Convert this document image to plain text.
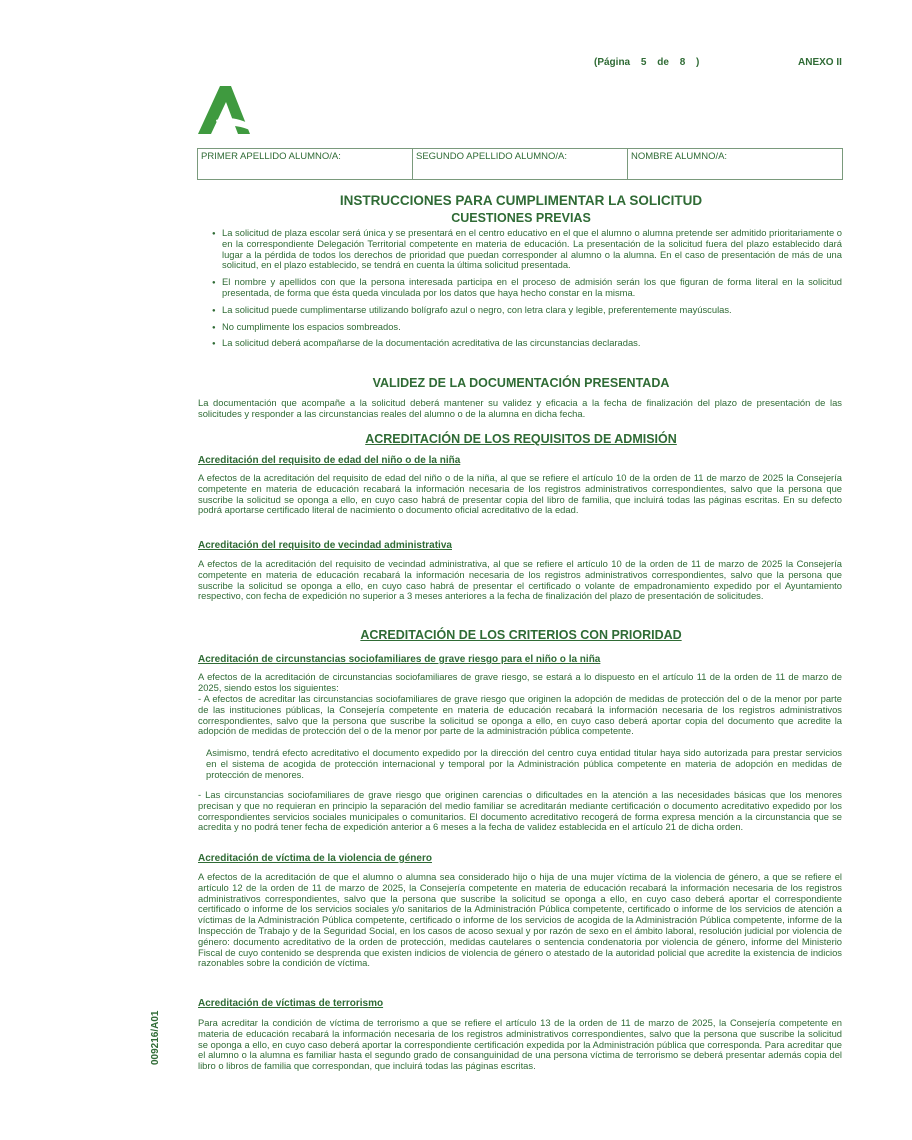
(Página 5 de 8 )	ANEXO II
PRIMER APELLIDO ALUMNO/A:	SEGUNDO APELLIDO ALUMNO/A:	NOMBRE ALUMNO/A:
INSTRUCCIONES PARA CUMPLIMENTAR LA SOLICITUD
CUESTIONES PREVIAS
● La solicitud de plaza escolar será única y se presentará en el centro educativo en el que el alumno o alumna pretende ser admitido prioritariamente o en la correspondiente Delegación Territorial competente en materia de educación. La presentación de la solicitud fuera del plazo establecido dará lugar a la pérdida de todos los derechos de prioridad que puedan corresponder al alumno o la alumna. En el caso de presentación de más de una solicitud, en el plazo establecido, se tendrá en cuenta la última solicitud presentada.
● El nombre y apellidos con que la persona interesada participa en el proceso de admisión serán los que figuran de forma literal en la solicitud presentada, de forma que ésta queda vinculada por los datos que haya hecho constar en la misma.
● La solicitud puede cumplimentarse utilizando bolígrafo azul o negro, con letra clara y legible, preferentemente mayúsculas.
● No cumplimente los espacios sombreados.
● La solicitud deberá acompañarse de la documentación acreditativa de las circunstancias declaradas.
VALIDEZ DE LA DOCUMENTACIÓN PRESENTADA

La documentación que acompañe a la solicitud deberá mantener su validez y eficacia a la fecha de finalización del plazo de presentación de las solicitudes y responder a las circunstancias reales del alumno o de la alumna en dicha fecha.

ACREDITACIÓN DE LOS REQUISITOS DE ADMISIÓN
Acreditación del requisito de edad del niño o de la niña

A efectos de la acreditación del requisito de edad del niño o de la niña, al que se refiere el artículo 10 de la orden de 11 de marzo de 2025 la Consejería competente en materia de educación recabará la información necesaria de los registros administrativos correspondientes, salvo que la persona que suscribe la solicitud se oponga a ello, en cuyo caso habrá de presentar copia del libro de familia, que incluirá todas las páginas escritas. En su defecto podrá aportarse certificado literal de nacimiento o documento oficial acreditativo de la edad.

Acreditación del requisito de vecindad administrativa

A efectos de la acreditación del requisito de vecindad administrativa, al que se refiere el artículo 10 de la orden de 11 de marzo de 2025 la Consejería competente en materia de educación recabará la información necesaria de los registros administrativos correspondientes, salvo que la persona que suscribe la solicitud se oponga a ello, en cuyo caso habrá de presentar el certificado o volante de empadronamiento expedido por el Ayuntamiento respectivo, con fecha de expedición no superior a 3 meses anteriores a la fecha de finalización del plazo de presentación de solicitudes.

ACREDITACIÓN DE LOS CRITERIOS CON PRIORIDAD
Acreditación de circunstancias sociofamiliares de grave riesgo para el niño o la niña

A efectos de la acreditación de circunstancias sociofamiliares de grave riesgo, se estará a lo dispuesto en el artículo 11 de la orden de 11 de marzo de 2025, siendo estos los siguientes:

- A efectos de acreditar las circunstancias sociofamiliares de grave riesgo que originen la adopción de medidas de protección del o de la menor por parte de las instituciones públicas, la Consejería competente en materia de educación recabará la información necesaria de los registros administrativos correspondientes, salvo que la persona que suscribe la solicitud se oponga a ello, en cuyo caso deberá aportar copia del documento que acredite la adopción de medidas de protección del o de la menor por parte de la administración pública competente.

Asimismo, tendrá efecto acreditativo el documento expedido por la dirección del centro cuya entidad titular haya sido autorizada para prestar servicios en el sistema de acogida de protección internacional y temporal por la Administración pública competente en materia de adopción en medidas de protección de menores.

- Las circunstancias sociofamiliares de grave riesgo que originen carencias o dificultades en la atención a las necesidades básicas que los menores precisan y que no requieran en principio la separación del medio familiar se acreditarán mediante certificación o documento acreditativo expedido por los correspondientes servicios sociales municipales o comunitarios. El documento acreditativo recogerá de forma expresa mención a la circunstancia que se acredita y no podrá tener fecha de expedición anterior a 6 meses a la fecha de validez establecida en el artículo 21 de dicha orden.

Acreditación de víctima de la violencia de género

A efectos de la acreditación de que el alumno o alumna sea considerado hijo o hija de una mujer víctima de la violencia de género, a que se refiere el artículo 12 de la orden de 11 de marzo de 2025, la Consejería competente en materia de educación recabará la información necesaria de los registros administrativos correspondientes, salvo que la persona que suscribe la solicitud se oponga a ello, en cuyo caso deberá aportar el correspondiente certificado o informe de los servicios sociales y/o sanitarios de la Administración Pública competente, certificado o informe de los servicios de atención a víctimas de la Administración Pública competente, certificado o informe de los servicios de acogida de la Administración Pública competente, informe de la Inspección de Trabajo y de la Seguridad Social, en los casos de acoso sexual y por razón de sexo en el ámbito laboral, resolución judicial por violencia de género: documento acreditativo de la orden de protección, medidas cautelares o sentencia condenatoria por violencia de género, informe del Ministerio Fiscal de cuyo contenido se desprenda que existen indicios de violencia de género o atestado de la autoridad policial que acredite la existencia de indicios razonables sobre la condición de víctima.

Acreditación de víctimas de terrorismo

Para acreditar la condición de víctima de terrorismo a que se refiere el artículo 13 de la orden de 11 de marzo de 2025, la Consejería competente en materia de educación recabará la información necesaria de los registros administrativos correspondientes, salvo que la persona que suscribe la solicitud se oponga a ello, en cuyo caso deberá aportar la correspondiente certificación expedida por la Administración pública que corresponda. Para acreditar que el alumno o la alumna es familiar hasta el segundo grado de consanguinidad de una persona víctima de terrorismo se deberá presentar además copia del libro o libros de familia que correspondan, que incluirá todas las páginas escritas.

009216/A01
